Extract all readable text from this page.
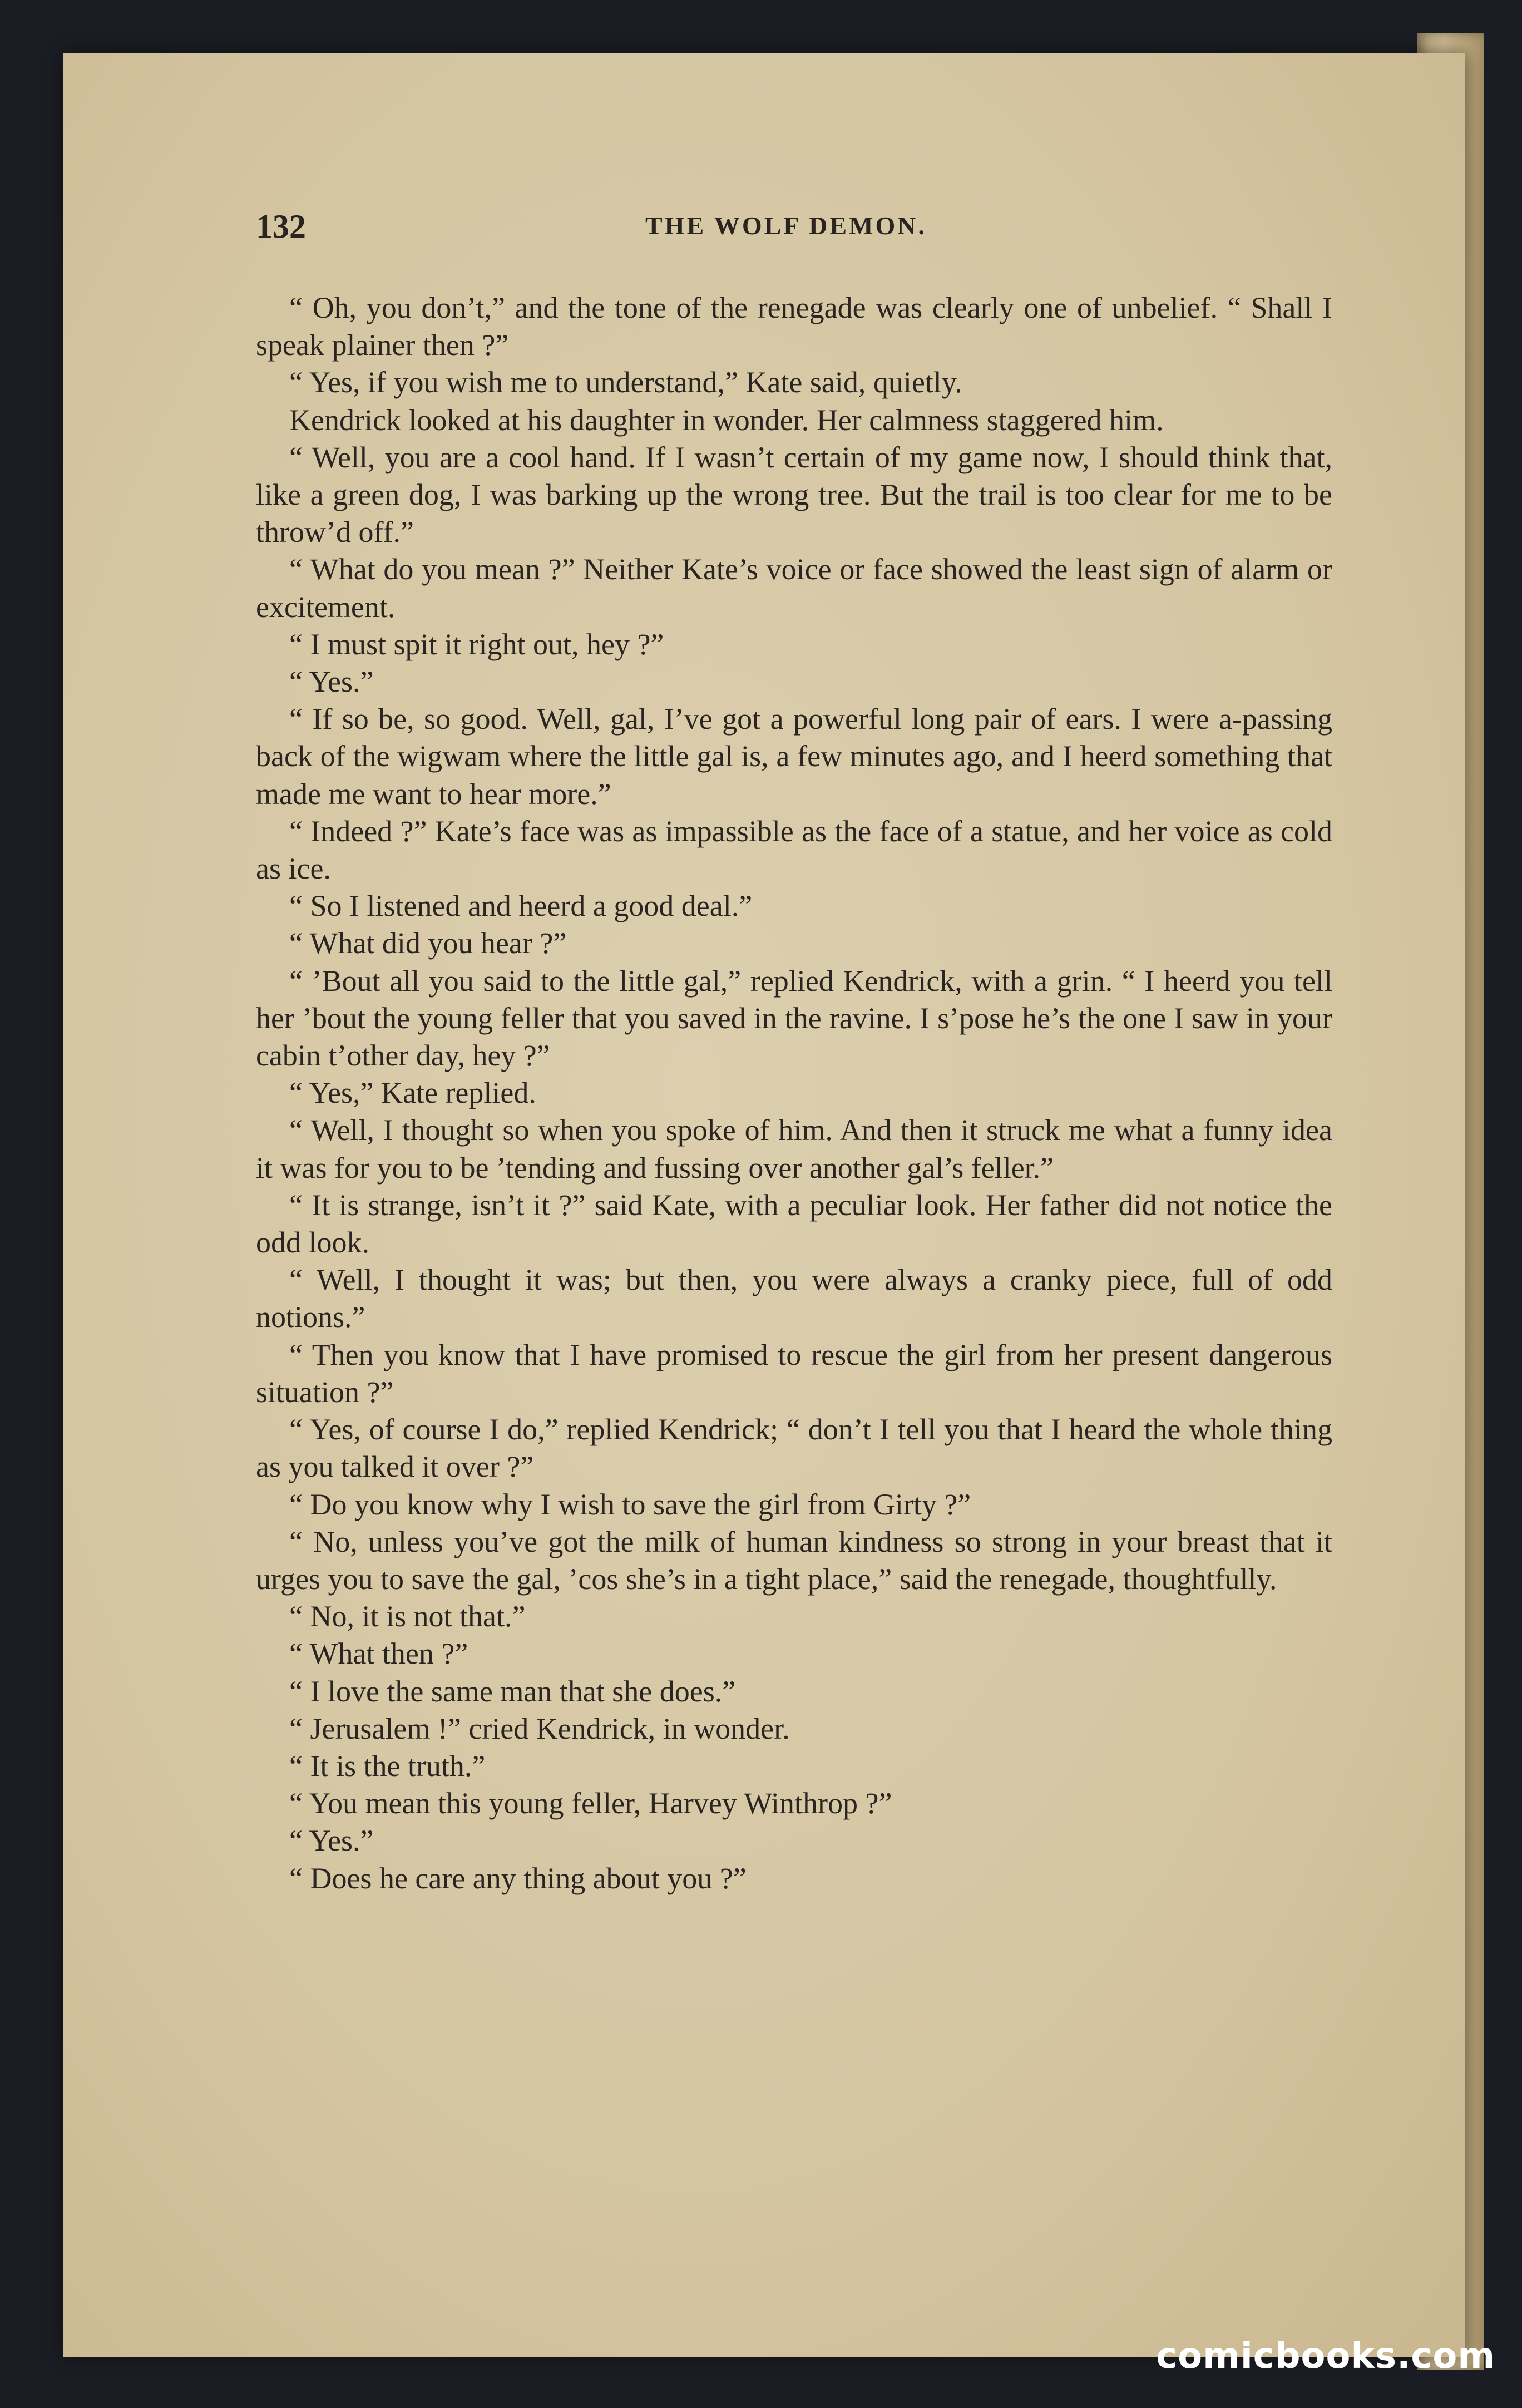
132	THE WOLF DEMON.

“ Oh, you don’t,” and the tone of the renegade was clearly one of unbelief. “ Shall I speak plainer then ?”

“ Yes, if you wish me to understand,” Kate said, quietly.

Kendrick looked at his daughter in wonder. Her calmness staggered him.

“ Well, you are a cool hand. If I wasn’t certain of my game now, I should think that, like a green dog, I was barking up the wrong tree. But the trail is too clear for me to be throw’d off.”

“ What do you mean ?” Neither Kate’s voice or face showed the least sign of alarm or excitement.

“ I must spit it right out, hey ?”

“ Yes.”

“ If so be, so good. Well, gal, I’ve got a powerful long pair of ears. I were a-passing back of the wigwam where the little gal is, a few minutes ago, and I heerd something that made me want to hear more.”

“ Indeed ?” Kate’s face was as impassible as the face of a statue, and her voice as cold as ice.

“ So I listened and heerd a good deal.”

“ What did you hear ?”

“ ’Bout all you said to the little gal,” replied Kendrick, with a grin. “ I heerd you tell her ’bout the young feller that you saved in the ravine. I s’pose he’s the one I saw in your cabin t’other day, hey ?”

“ Yes,” Kate replied.

“ Well, I thought so when you spoke of him. And then it struck me what a funny idea it was for you to be ’tending and fussing over another gal’s feller.”

“ It is strange, isn’t it ?” said Kate, with a peculiar look. Her father did not notice the odd look.

“ Well, I thought it was; but then, you were always a cranky piece, full of odd notions.”

“ Then you know that I have promised to rescue the girl from her present dangerous situation ?”

“ Yes, of course I do,” replied Kendrick; “ don’t I tell you that I heard the whole thing as you talked it over ?”

“ Do you know why I wish to save the girl from Girty ?”

“ No, unless you’ve got the milk of human kindness so strong in your breast that it urges you to save the gal, ’cos she’s in a tight place,” said the renegade, thoughtfully.

“ No, it is not that.”

“ What then ?”

“ I love the same man that she does.”

“ Jerusalem !” cried Kendrick, in wonder.

“ It is the truth.”

“ You mean this young feller, Harvey Winthrop ?”

“ Yes.”

“ Does he care any thing about you ?”

comicbooks.com
